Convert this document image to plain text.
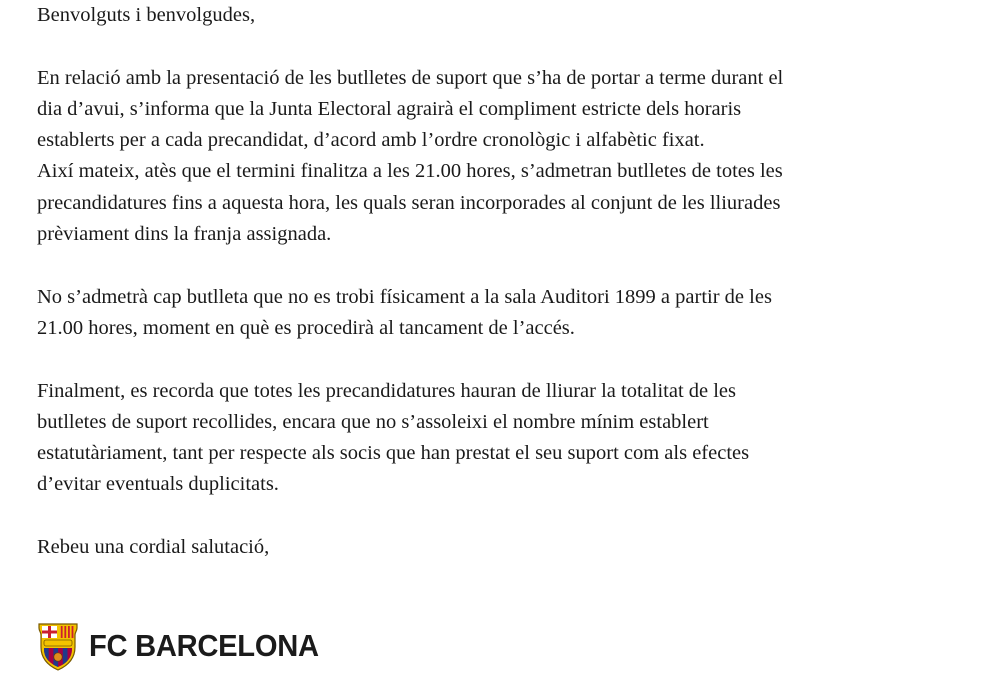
Benvolguts i benvolgudes,

En relació amb la presentació de les butlletes de suport que s’ha de portar a terme durant el

dia d’avui, s’informa que la Junta Electoral agrairà el compliment estricte dels horaris

establerts per a cada precandidat, d’acord amb l’ordre cronològic i alfabètic fixat.

Així mateix, atès que el termini finalitza a les 21.00 hores, s’admetran butlletes de totes les

precandidatures fins a aquesta hora, les quals seran incorporades al conjunt de les lliurades

prèviament dins la franja assignada.

No s’admetrà cap butlleta que no es trobi físicament a la sala Auditori 1899 a partir de les

21.00 hores, moment en què es procedirà al tancament de l’accés.

Finalment, es recorda que totes les precandidatures hauran de lliurar la totalitat de les

butlletes de suport recollides, encara que no s’assoleixi el nombre mínim establert

estatutàriament, tant per respecte als socis que han prestat el seu suport com als efectes

d’evitar eventuals duplicitats.

Rebeu una cordial salutació,

FC BARCELONA
